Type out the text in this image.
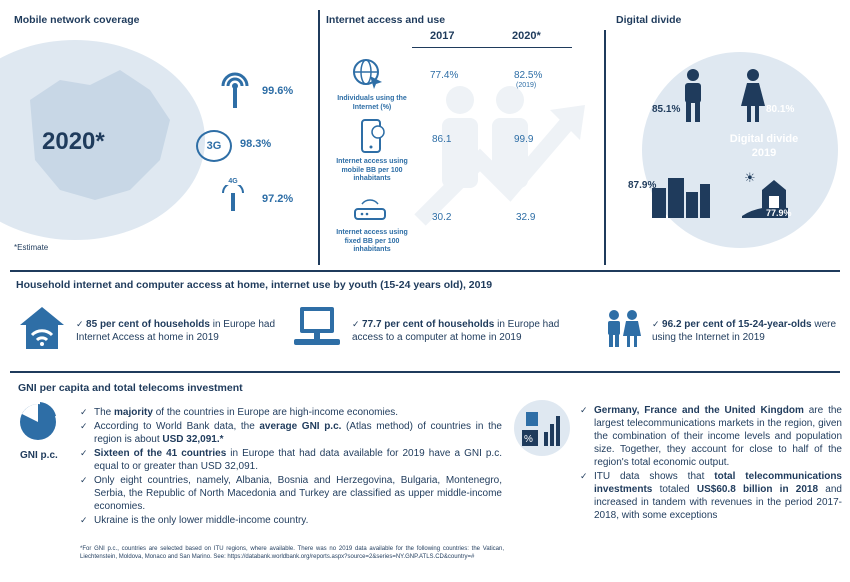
Mobile network coverage
2020*
99.6%
3G	98.3%
4G
97.2%
*Estimate
Internet access and use
2017	2020*
Individuals using the Internet (%)
77.4%	82.5%
(2019)
Internet access using mobile BB per 100 inhabitants
86.1	99.9
Internet access using fixed BB per 100 inhabitants
30.2	32.9
Digital divide
85.1%	80.1%
Digital divide 2019
87.9%
☀
77.9%
Household internet and computer access at home, internet use by youth (15-24 years old), 2019
✓ 85 per cent of households in Europe had Internet Access at home in 2019
✓ 77.7 per cent of households in Europe had access to a computer at home in 2019
✓ 96.2 per cent of 15-24-year-olds were using the Internet in 2019
GNI per capita and total telecoms investment
GNI p.c.
✓ The majority of the countries in Europe are high-income economies.
✓ According to World Bank data, the average GNI p.c. (Atlas method) of countries in the region is about USD 32,091.*
✓ Sixteen of the 41 countries in Europe that had data available for 2019 have a GNI p.c. equal to or greater than USD 32,091.
✓ Only eight countries, namely, Albania, Bosnia and Herzegovina, Bulgaria, Montenegro, Serbia, the Republic of North Macedonia and Turkey are classified as upper middle-income economies.
✓ Ukraine is the only lower middle-income country.
*For GNI p.c., countries are selected based on ITU regions, where available. There was no 2019 data available for the following countries: the Vatican, Liechtenstein, Moldova, Monaco and San Marino. See: https://databank.worldbank.org/reports.aspx?source=2&series=NY.GNP.ATLS.CD&country=#
%
✓ Germany, France and the United Kingdom are the largest telecommunications markets in the region, given the combination of their income levels and population size. Together, they account for close to half of the region's total economic output.
✓ ITU data shows that total telecommunications investments totaled US$60.8 billion in 2018 and increased in tandem with revenues in the period 2017-2018, with some exceptions
